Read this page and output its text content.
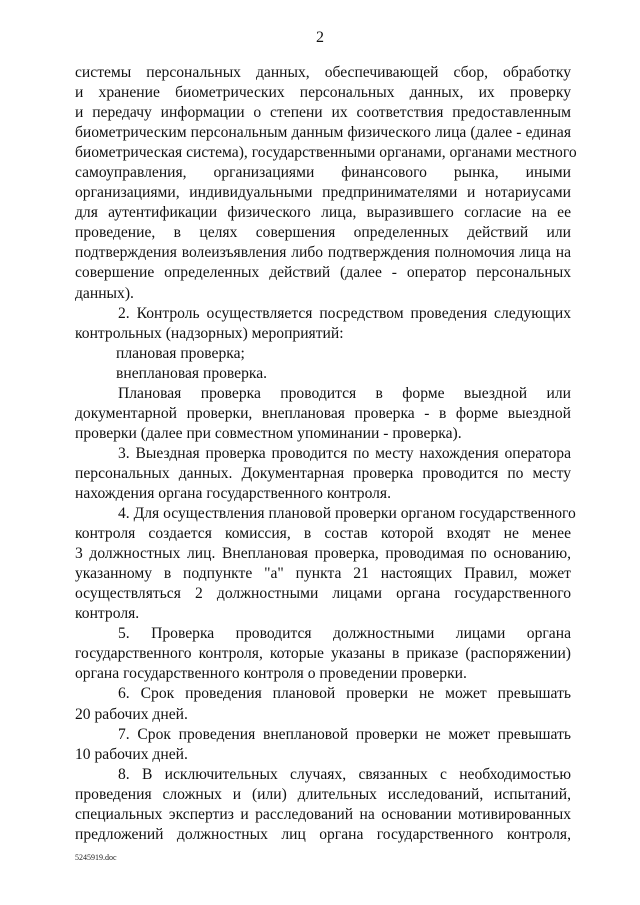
2
системы персональных данных, обеспечивающей сбор, обработку
и хранение биометрических персональных данных, их проверку
и передачу информации о степени их соответствия предоставленным
биометрическим персональным данным физического лица (далее - единая
биометрическая система), государственными органами, органами местного
самоуправления, организациями финансового рынка, иными
организациями, индивидуальными предпринимателями и нотариусами
для аутентификации физического лица, выразившего согласие на ее
проведение, в целях совершения определенных действий или
подтверждения волеизъявления либо подтверждения полномочия лица на
совершение определенных действий (далее - оператор персональных
данных).
2. Контроль осуществляется посредством проведения следующих
контрольных (надзорных) мероприятий:
плановая проверка;
внеплановая проверка.
Плановая проверка проводится в форме выездной или
документарной проверки, внеплановая проверка - в форме выездной
проверки (далее при совместном упоминании - проверка).
3. Выездная проверка проводится по месту нахождения оператора
персональных данных. Документарная проверка проводится по месту
нахождения органа государственного контроля.
4. Для осуществления плановой проверки органом государственного
контроля создается комиссия, в состав которой входят не менее
3 должностных лиц. Внеплановая проверка, проводимая по основанию,
указанному в подпункте "а" пункта 21 настоящих Правил, может
осуществляться 2 должностными лицами органа государственного
контроля.
5. Проверка проводится должностными лицами органа
государственного контроля, которые указаны в приказе (распоряжении)
органа государственного контроля о проведении проверки.
6. Срок проведения плановой проверки не может превышать
20 рабочих дней.
7. Срок проведения внеплановой проверки не может превышать
10 рабочих дней.
8. В исключительных случаях, связанных с необходимостью
проведения сложных и (или) длительных исследований, испытаний,
специальных экспертиз и расследований на основании мотивированных
предложений должностных лиц органа государственного контроля,
5245919.doc
